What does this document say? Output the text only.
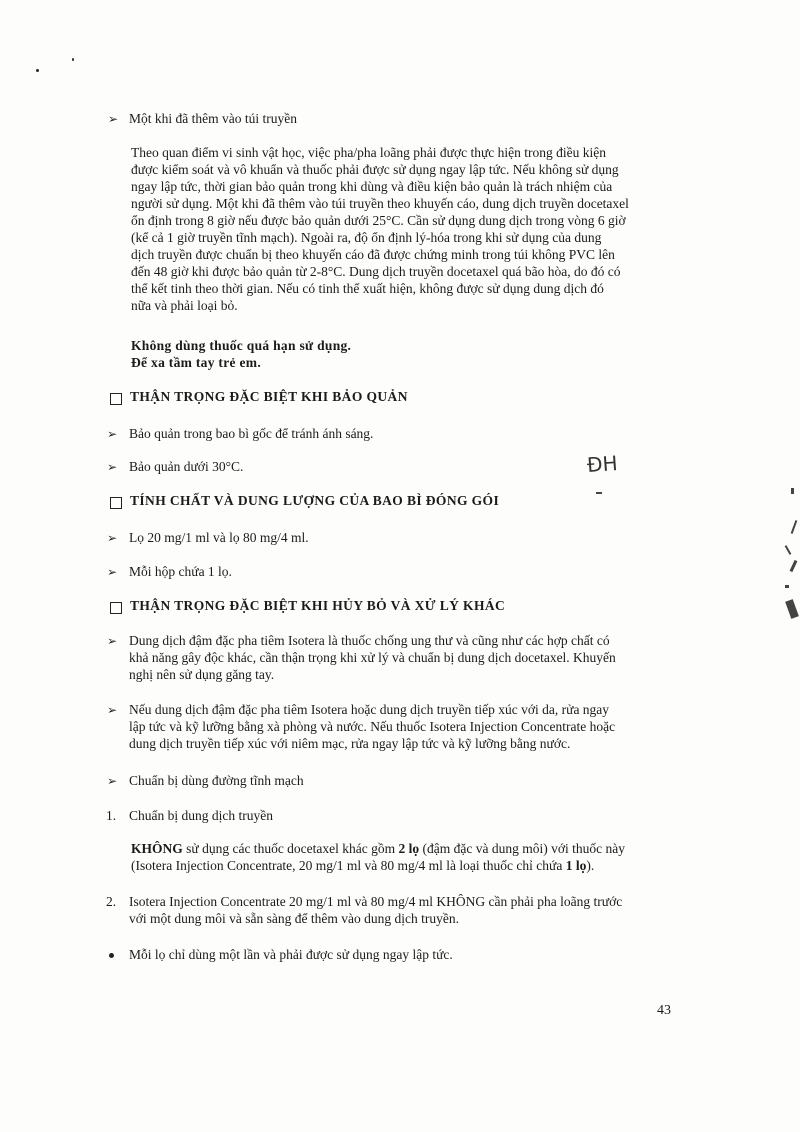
➢ Một khi đã thêm vào túi truyền
Theo quan điểm vi sinh vật học, việc pha/pha loãng phải được thực hiện trong điều kiện
được kiểm soát và vô khuẩn và thuốc phải được sử dụng ngay lập tức. Nếu không sử dụng
ngay lập tức, thời gian bảo quản trong khi dùng và điều kiện bảo quản là trách nhiệm của
người sử dụng. Một khi đã thêm vào túi truyền theo khuyến cáo, dung dịch truyền docetaxel
ổn định trong 8 giờ nếu được bảo quản dưới 25°C. Cần sử dụng dung dịch trong vòng 6 giờ
(kể cả 1 giờ truyền tĩnh mạch). Ngoài ra, độ ổn định lý-hóa trong khi sử dụng của dung
dịch truyền được chuẩn bị theo khuyến cáo đã được chứng minh trong túi không PVC lên
đến 48 giờ khi được bảo quản từ 2-8°C. Dung dịch truyền docetaxel quá bão hòa, do đó có
thể kết tinh theo thời gian. Nếu có tinh thể xuất hiện, không được sử dụng dung dịch đó
nữa và phải loại bỏ.
Không dùng thuốc quá hạn sử dụng.
Để xa tầm tay trẻ em.
THẬN TRỌNG ĐẶC BIỆT KHI BẢO QUẢN
➢ Bảo quản trong bao bì gốc để tránh ánh sáng.
➢ Bảo quản dưới 30°C.	ĐH
TÍNH CHẤT VÀ DUNG LƯỢNG CỦA BAO BÌ ĐÓNG GÓI
➢ Lọ 20 mg/1 ml và lọ 80 mg/4 ml.
➢ Mỗi hộp chứa 1 lọ.
THẬN TRỌNG ĐẶC BIỆT KHI HỦY BỎ VÀ XỬ LÝ KHÁC
➢ Dung dịch đậm đặc pha tiêm Isotera là thuốc chống ung thư và cũng như các hợp chất có
khả năng gây độc khác, cần thận trọng khi xử lý và chuẩn bị dung dịch docetaxel. Khuyến
nghị nên sử dụng găng tay.
➢ Nếu dung dịch đậm đặc pha tiêm Isotera hoặc dung dịch truyền tiếp xúc với da, rửa ngay
lập tức và kỹ lưỡng bằng xà phòng và nước. Nếu thuốc Isotera Injection Concentrate hoặc
dung dịch truyền tiếp xúc với niêm mạc, rửa ngay lập tức và kỹ lưỡng bằng nước.
➢ Chuẩn bị dùng đường tĩnh mạch
1. Chuẩn bị dung dịch truyền
KHÔNG sử dụng các thuốc docetaxel khác gồm 2 lọ (đậm đặc và dung môi) với thuốc này
(Isotera Injection Concentrate, 20 mg/1 ml và 80 mg/4 ml là loại thuốc chỉ chứa 1 lọ).
2. Isotera Injection Concentrate 20 mg/1 ml và 80 mg/4 ml KHÔNG cần phải pha loãng trước
với một dung môi và sẵn sàng để thêm vào dung dịch truyền.
Mỗi lọ chỉ dùng một lần và phải được sử dụng ngay lập tức.
43
